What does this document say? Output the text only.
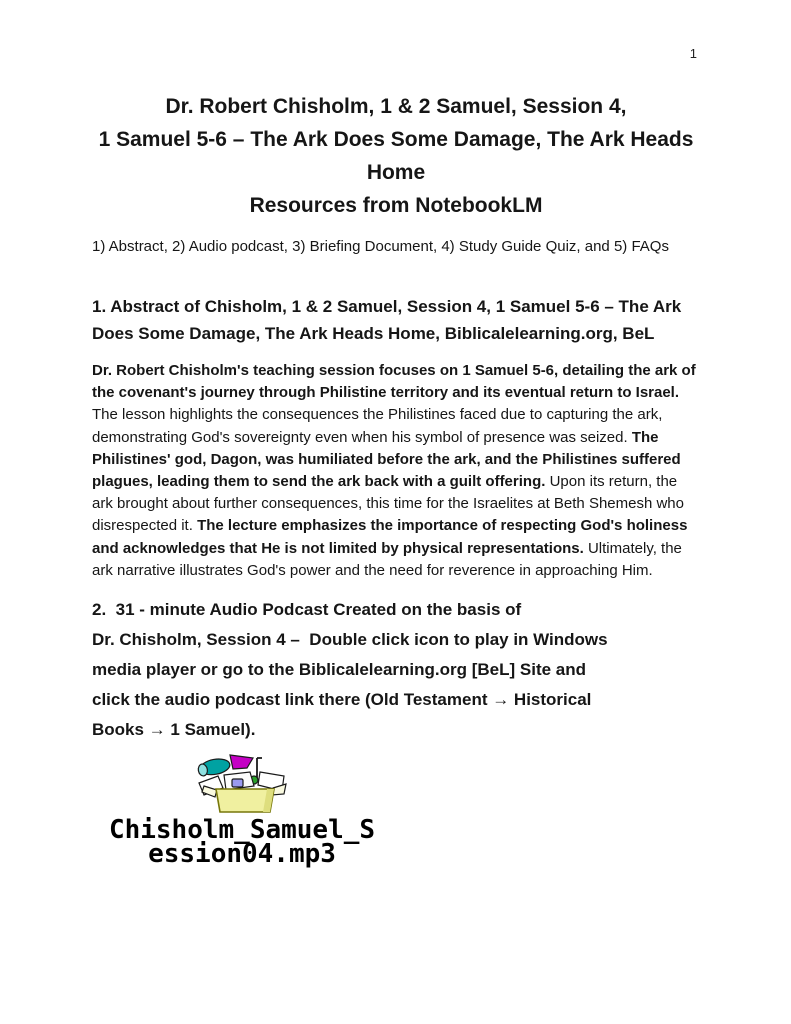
1
Dr. Robert Chisholm, 1 & 2 Samuel, Session 4,
1 Samuel 5-6 – The Ark Does Some Damage, The Ark Heads Home
Resources from NotebookLM

1) Abstract, 2) Audio podcast, 3) Briefing Document, 4) Study Guide Quiz, and 5) FAQs

1. Abstract of Chisholm, 1 & 2 Samuel, Session 4, 1 Samuel 5-6 – The Ark Does Some Damage, The Ark Heads Home, Biblicalelearning.org, BeL

Dr. Robert Chisholm's teaching session focuses on 1 Samuel 5-6, detailing the ark of the covenant's journey through Philistine territory and its eventual return to Israel. The lesson highlights the consequences the Philistines faced due to capturing the ark, demonstrating God's sovereignty even when his symbol of presence was seized. The Philistines' god, Dagon, was humiliated before the ark, and the Philistines suffered plagues, leading them to send the ark back with a guilt offering. Upon its return, the ark brought about further consequences, this time for the Israelites at Beth Shemesh who disrespected it. The lecture emphasizes the importance of respecting God's holiness and acknowledges that He is not limited by physical representations. Ultimately, the ark narrative illustrates God's power and the need for reverence in approaching Him.

2.  31 - minute Audio Podcast Created on the basis of
Dr. Chisholm, Session 4 –  Double click icon to play in Windows
media player or go to the Biblicalelearning.org [BeL] Site and
click the audio podcast link there (Old Testament → Historical
Books → 1 Samuel).
Chisholm_Samuel_S
ession04.mp3
